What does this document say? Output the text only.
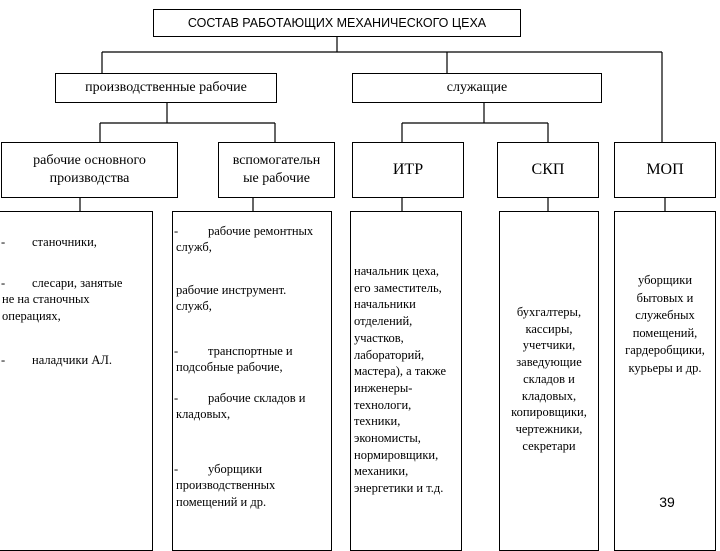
СОСТАВ РАБОТАЮЩИХ МЕХАНИЧЕСКОГО ЦЕХА
производственные рабочие	служащие
рабочие основного
производства
вспомогательн
ые рабочие
ИТР	СКП	МОП
-	станочники,
-	слесари, занятые
не на станочных
операциях,
-	наладчики АЛ.
-	рабочие ремонтных
служб,
рабочие инструмент.
служб,
-	транспортные и
подсобные рабочие,
-	рабочие складов и
кладовых,
-	уборщики
производственных
помещений и др.
начальник цеха,
его заместитель,
начальники
отделений,
участков,
лабораторий,
мастера), а также
инженеры-
технологи,
техники,
экономисты,
нормировщики,
механики,
энергетики и т.д.
бухгалтеры,
кассиры,
учетчики,
заведующие
складов и
кладовых,
копировщики,
чертежники,
секретари
уборщики
бытовых и
служебных
помещений,
гардеробщики,
курьеры и др.
39
